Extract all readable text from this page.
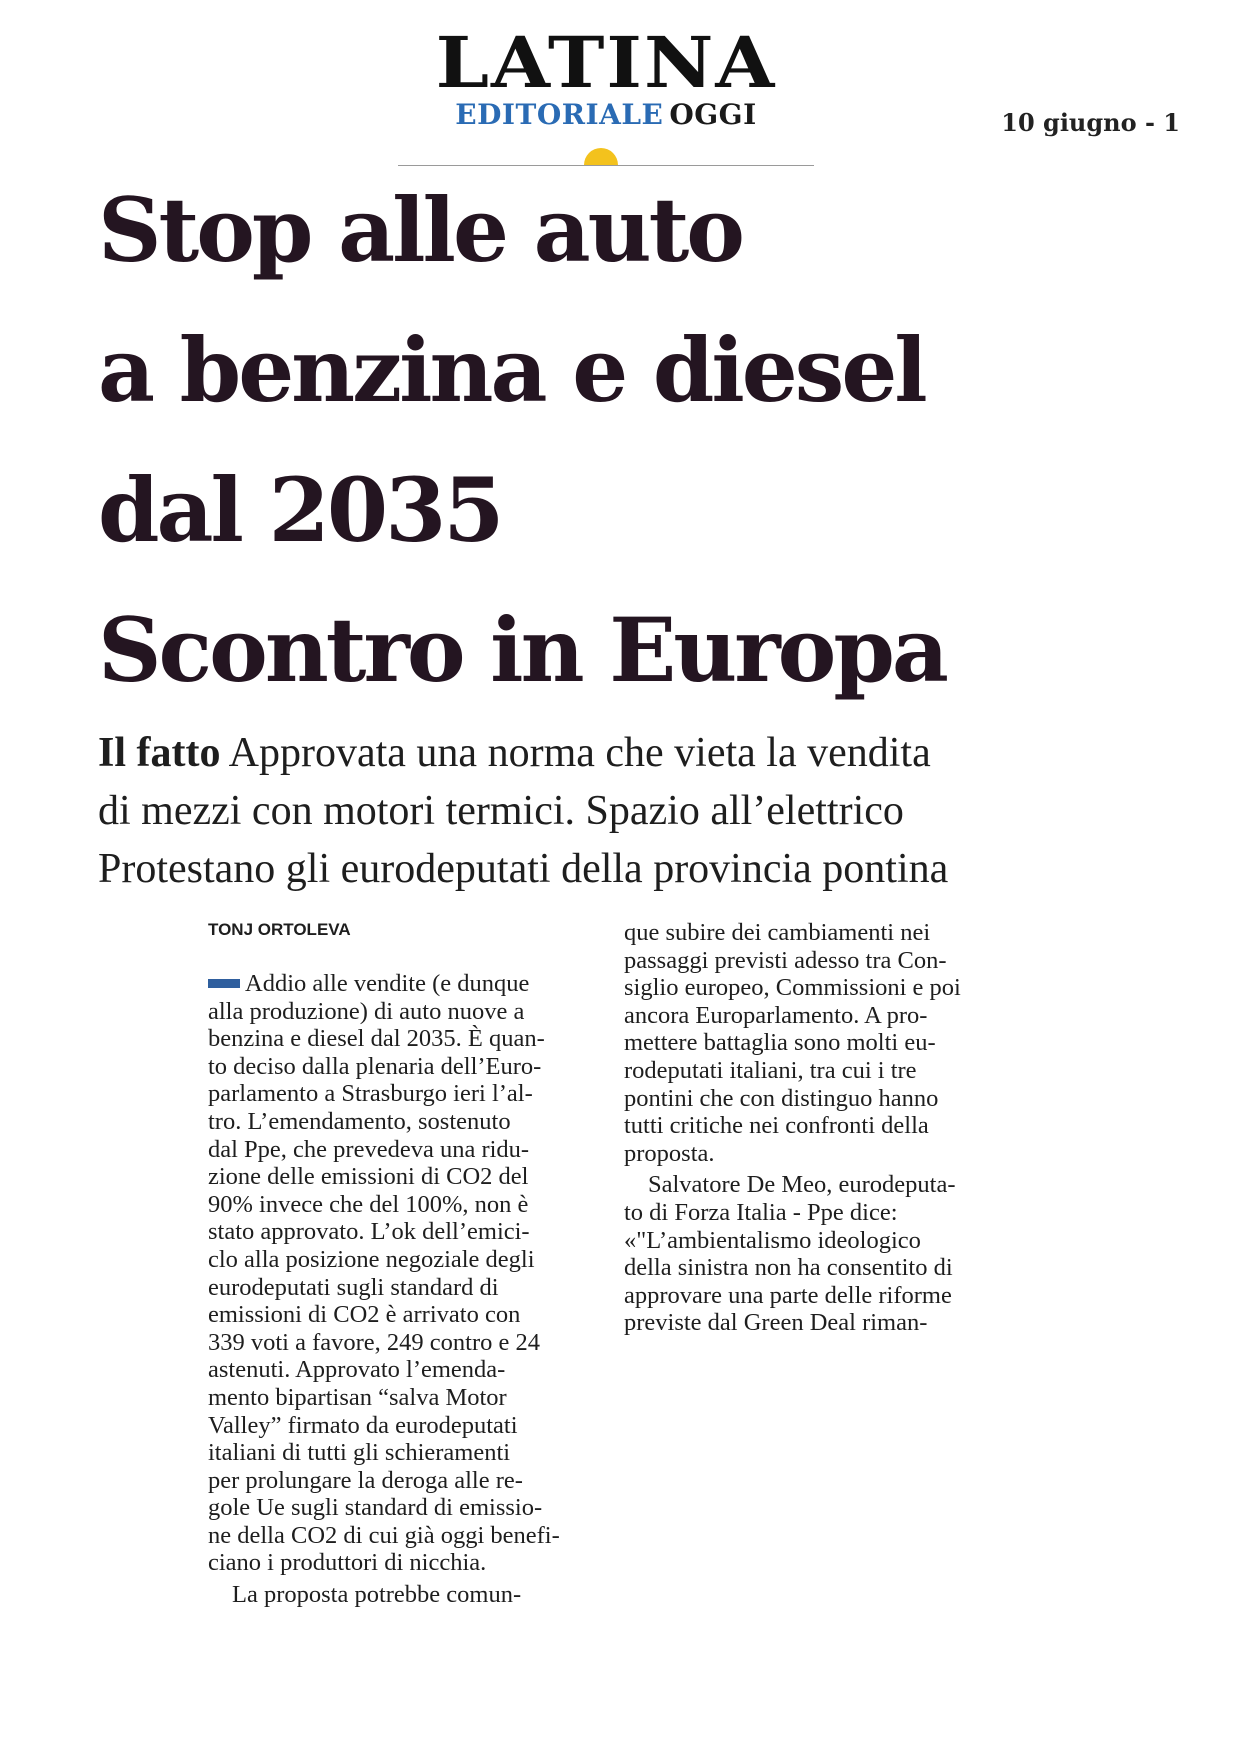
LATINA
EDITORIALE OGGI	10 giugno - 1
Stop alle auto
a benzina e diesel
dal 2035
Scontro in Europa
Il fatto Approvata una norma che vieta la vendita
di mezzi con motori termici. Spazio all’elettrico
Protestano gli eurodeputati della provincia pontina
TONJ ORTOLEVA
Addio alle vendite (e dunque
alla produzione) di auto nuove a
benzina e diesel dal 2035. È quan-
to deciso dalla plenaria dell’Euro-
parlamento a Strasburgo ieri l’al-
tro. L’emendamento, sostenuto
dal Ppe, che prevedeva una ridu-
zione delle emissioni di CO2 del
90% invece che del 100%, non è
stato approvato. L’ok dell’emici-
clo alla posizione negoziale degli
eurodeputati sugli standard di
emissioni di CO2 è arrivato con
339 voti a favore, 249 contro e 24
astenuti. Approvato l’emenda-
mento bipartisan “salva Motor
Valley” firmato da eurodeputati
italiani di tutti gli schieramenti
per prolungare la deroga alle re-
gole Ue sugli standard di emissio-
ne della CO2 di cui già oggi benefi-
ciano i produttori di nicchia.
La proposta potrebbe comun-
que subire dei cambiamenti nei
passaggi previsti adesso tra Con-
siglio europeo, Commissioni e poi
ancora Europarlamento. A pro-
mettere battaglia sono molti eu-
rodeputati italiani, tra cui i tre
pontini che con distinguo hanno
tutti critiche nei confronti della
proposta.
Salvatore De Meo, eurodeputa-
to di Forza Italia - Ppe dice:
«"L’ambientalismo ideologico
della sinistra non ha consentito di
approvare una parte delle riforme
previste dal Green Deal riman-
